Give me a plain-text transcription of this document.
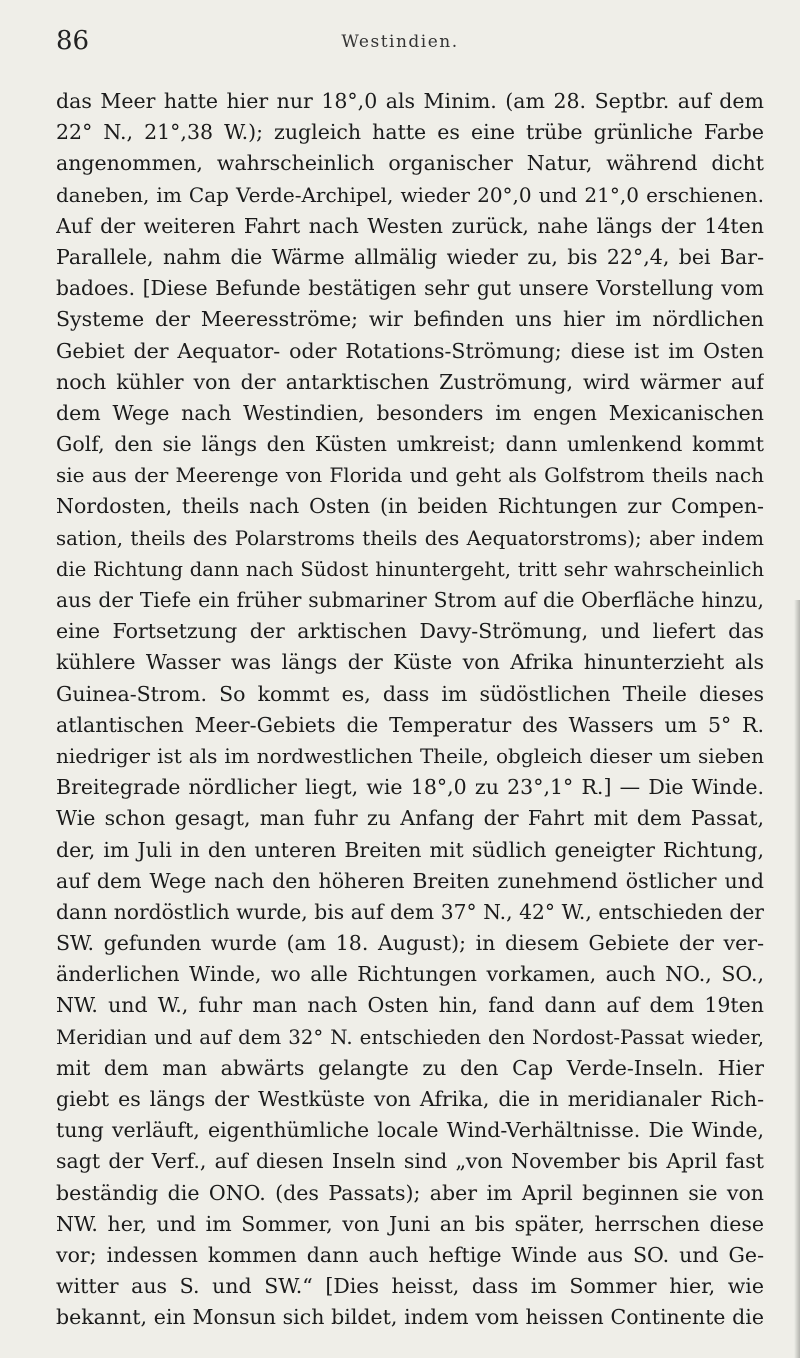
86	Westindien.
das Meer hatte hier nur 18°,0 als Minim. (am 28. Septbr. auf dem
22° N., 21°,38 W.); zugleich hatte es eine trübe grünliche Farbe
angenommen, wahrscheinlich organischer Natur, während dicht
daneben, im Cap Verde-Archipel, wieder 20°,0 und 21°,0 erschienen.
Auf der weiteren Fahrt nach Westen zurück, nahe längs der 14ten
Parallele, nahm die Wärme allmälig wieder zu, bis 22°,4, bei Bar-
badoes. [Diese Befunde bestätigen sehr gut unsere Vorstellung vom
Systeme der Meeresströme; wir befinden uns hier im nördlichen
Gebiet der Aequator- oder Rotations-Strömung; diese ist im Osten
noch kühler von der antarktischen Zuströmung, wird wärmer auf
dem Wege nach Westindien, besonders im engen Mexicanischen
Golf, den sie längs den Küsten umkreist; dann umlenkend kommt
sie aus der Meerenge von Florida und geht als Golfstrom theils nach
Nordosten, theils nach Osten (in beiden Richtungen zur Compen-
sation, theils des Polarstroms theils des Aequatorstroms); aber indem
die Richtung dann nach Südost hinuntergeht, tritt sehr wahrscheinlich
aus der Tiefe ein früher submariner Strom auf die Oberfläche hinzu,
eine Fortsetzung der arktischen Davy-Strömung, und liefert das
kühlere Wasser was längs der Küste von Afrika hinunterzieht als
Guinea-Strom. So kommt es, dass im südöstlichen Theile dieses
atlantischen Meer-Gebiets die Temperatur des Wassers um 5° R.
niedriger ist als im nordwestlichen Theile, obgleich dieser um sieben
Breitegrade nördlicher liegt, wie 18°,0 zu 23°,1° R.] — Die Winde.
Wie schon gesagt, man fuhr zu Anfang der Fahrt mit dem Passat,
der, im Juli in den unteren Breiten mit südlich geneigter Richtung,
auf dem Wege nach den höheren Breiten zunehmend östlicher und
dann nordöstlich wurde, bis auf dem 37° N., 42° W., entschieden der
SW. gefunden wurde (am 18. August); in diesem Gebiete der ver-
änderlichen Winde, wo alle Richtungen vorkamen, auch NO., SO.,
NW. und W., fuhr man nach Osten hin, fand dann auf dem 19ten
Meridian und auf dem 32° N. entschieden den Nordost-Passat wieder,
mit dem man abwärts gelangte zu den Cap Verde-Inseln. Hier
giebt es längs der Westküste von Afrika, die in meridianaler Rich-
tung verläuft, eigenthümliche locale Wind-Verhältnisse. Die Winde,
sagt der Verf., auf diesen Inseln sind „von November bis April fast
beständig die ONO. (des Passats); aber im April beginnen sie von
NW. her, und im Sommer, von Juni an bis später, herrschen diese
vor; indessen kommen dann auch heftige Winde aus SO. und Ge-
witter aus S. und SW.“ [Dies heisst, dass im Sommer hier, wie
bekannt, ein Monsun sich bildet, indem vom heissen Continente die
